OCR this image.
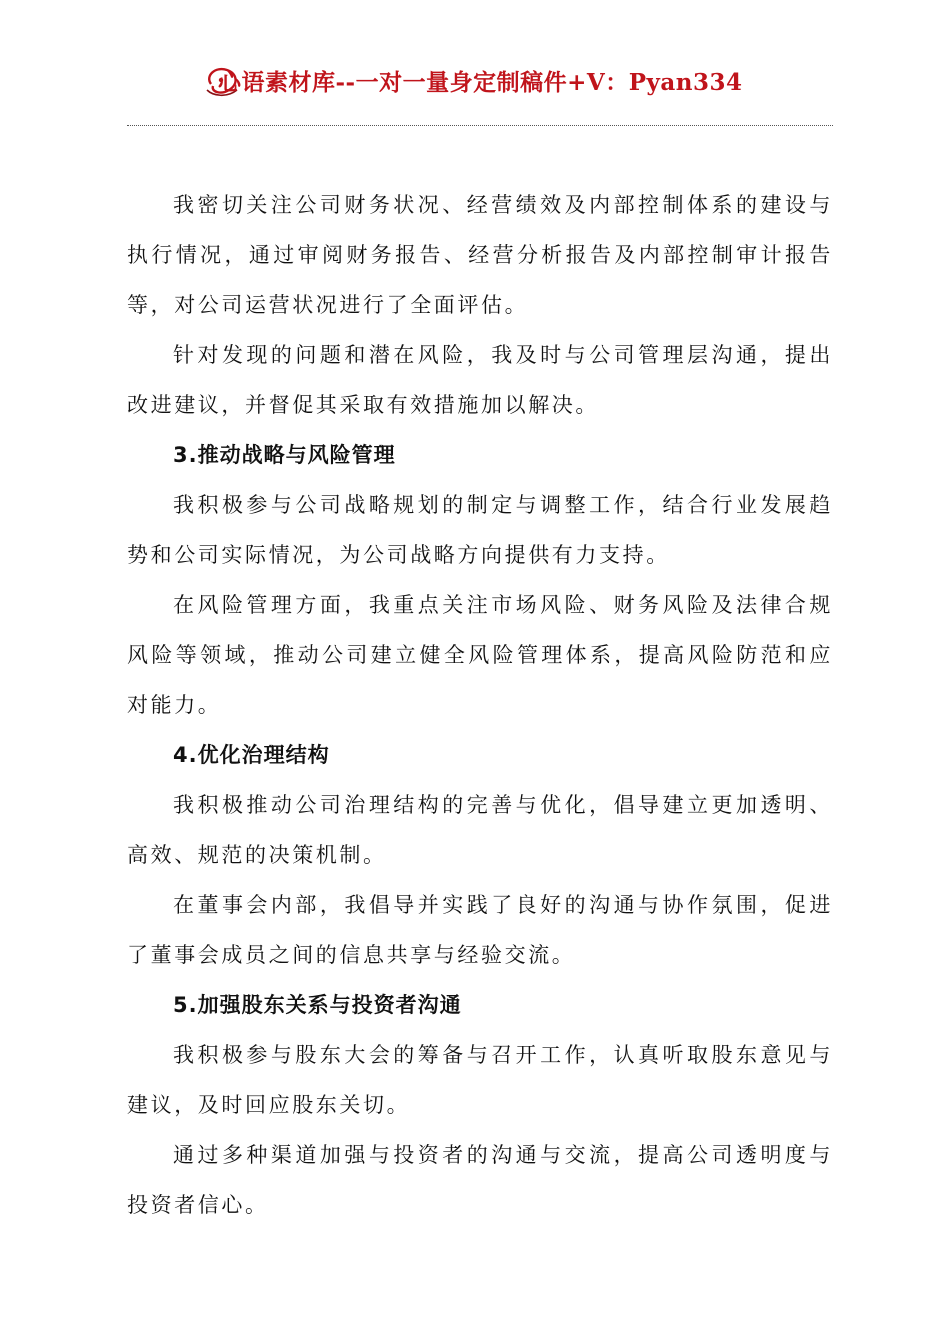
心语素材库--一对一量身定制稿件+V：Pyan334

我密切关注公司财务状况、经营绩效及内部控制体系的建设与执行情况，通过审阅财务报告、经营分析报告及内部控制审计报告等，对公司运营状况进行了全面评估。

针对发现的问题和潜在风险，我及时与公司管理层沟通，提出改进建议，并督促其采取有效措施加以解决。

3.推动战略与风险管理

我积极参与公司战略规划的制定与调整工作，结合行业发展趋势和公司实际情况，为公司战略方向提供有力支持。

在风险管理方面，我重点关注市场风险、财务风险及法律合规风险等领域，推动公司建立健全风险管理体系，提高风险防范和应对能力。

4.优化治理结构

我积极推动公司治理结构的完善与优化，倡导建立更加透明、高效、规范的决策机制。

在董事会内部，我倡导并实践了良好的沟通与协作氛围，促进了董事会成员之间的信息共享与经验交流。

5.加强股东关系与投资者沟通

我积极参与股东大会的筹备与召开工作，认真听取股东意见与建议，及时回应股东关切。

通过多种渠道加强与投资者的沟通与交流，提高公司透明度与投资者信心。
